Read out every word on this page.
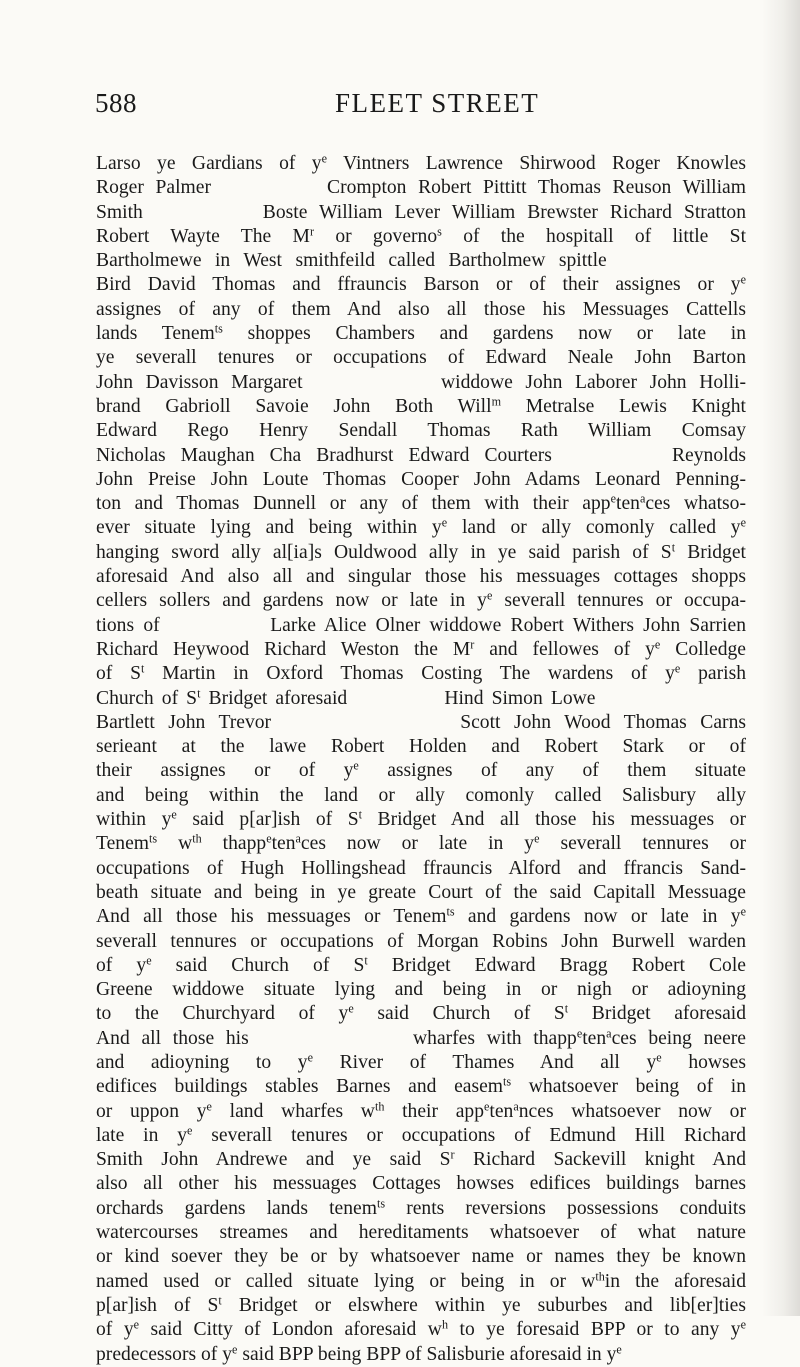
588	FLEET STREET
Larso ye Gardians of $y^e$ Vintners Lawrence Shirwood Roger Knowles
Roger Palmer          Crompton Robert Pittitt Thomas Reuson William
Smith          Boste William Lever William Brewster Richard Stratton
Robert Wayte The $M^r$ or governo$^s$ of the hospitall of little St
Bartholmewe in West smithfeild called Bartholmew spittle
Bird David Thomas and ffrauncis Barson or of their assignes or $y^e$
assignes of any of them And also all those his Messuages Cattells
lands Tenem$^{ts}$ shoppes Chambers and gardens now or late in
ye severall tenures or occupations of Edward Neale John Barton
John Davisson Margaret           widdowe John Laborer John Holli-
brand Gabrioll Savoie John Both Will$^m$ Metralse Lewis Knight
Edward Rego Henry Sendall Thomas Rath William Comsay
Nicholas Maughan Cha Bradhurst Edward Courters        Reynolds
John Preise John Loute Thomas Cooper John Adams Leonard Penning-
ton and Thomas Dunnell or any of them with their app$^e$ten$^a$ces whatso-
ever situate lying and being within $y^e$ land or ally comonly called $y^e$
hanging sword ally al[ia]s Ouldwood ally in ye said parish of $S^t$ Bridget
aforesaid And also all and singular those his messuages cottages shopps
cellers sollers and gardens now or late in $y^e$ severall tennures or occupa-
tions of            Larke Alice Olner widdowe Robert Withers John Sarrien
Richard Heywood Richard Weston the $M^r$ and fellowes of $y^e$ Colledge
of $S^t$ Martin in Oxford Thomas Costing The wardens of $y^e$ parish
Church of $S^t$ Bridget aforesaid            Hind Simon Lowe
Bartlett John Trevor              Scott John Wood Thomas Carns
serieant at the lawe Robert Holden and Robert Stark or of
their assignes or of $y^e$ assignes of any of them situate
and being within the land or ally comonly called Salisbury ally
within $y^e$ said p[ar]ish of $S^t$ Bridget And all those his messuages or
Tenem$^{ts}$ $w^{th}$ thapp$^e$ten$^a$ces now or late in $y^e$ severall tennures or
occupations of Hugh Hollingshead ffrauncis Alford and ffrancis Sand-
beath situate and being in ye greate Court of the said Capitall Messuage
And all those his messuages or Tenem$^{ts}$ and gardens now or late in $y^e$
severall tennures or occupations of Morgan Robins John Burwell warden
of $y^e$ said Church of $S^t$ Bridget Edward Bragg Robert Cole
Greene widdowe situate lying and being in or nigh or adioyning
to the Churchyard of $y^e$ said Church of $S^t$ Bridget aforesaid
And all those his              wharfes with thapp$^e$ten$^a$ces being neere
and adioyning to $y^e$ River of Thames And all $y^e$ howses
edifices buildings stables Barnes and easem$^{ts}$ whatsoever being of in
or uppon $y^e$ land wharfes $w^{th}$ their app$^e$ten$^a$nces whatsoever now or
late in $y^e$ severall tenures or occupations of Edmund Hill Richard
Smith John Andrewe and ye said $S^r$ Richard Sackevill knight And
also all other his messuages Cottages howses edifices buildings barnes
orchards gardens lands tenem$^{ts}$ rents reversions possessions conduits
watercourses streames and hereditaments whatsoever of what nature
or kind soever they be or by whatsoever name or names they be known
named used or called situate lying or being in or $w^{th}in$ the aforesaid
p[ar]ish of $S^t$ Bridget or elswhere within ye suburbes and lib[er]ties
of $y^e$ said Citty of London aforesaid $w^h$ to ye foresaid BPP or to any $y^e$
predecessors of $y^e$ said BPP being BPP of Salisburie aforesaid in $y^e$
